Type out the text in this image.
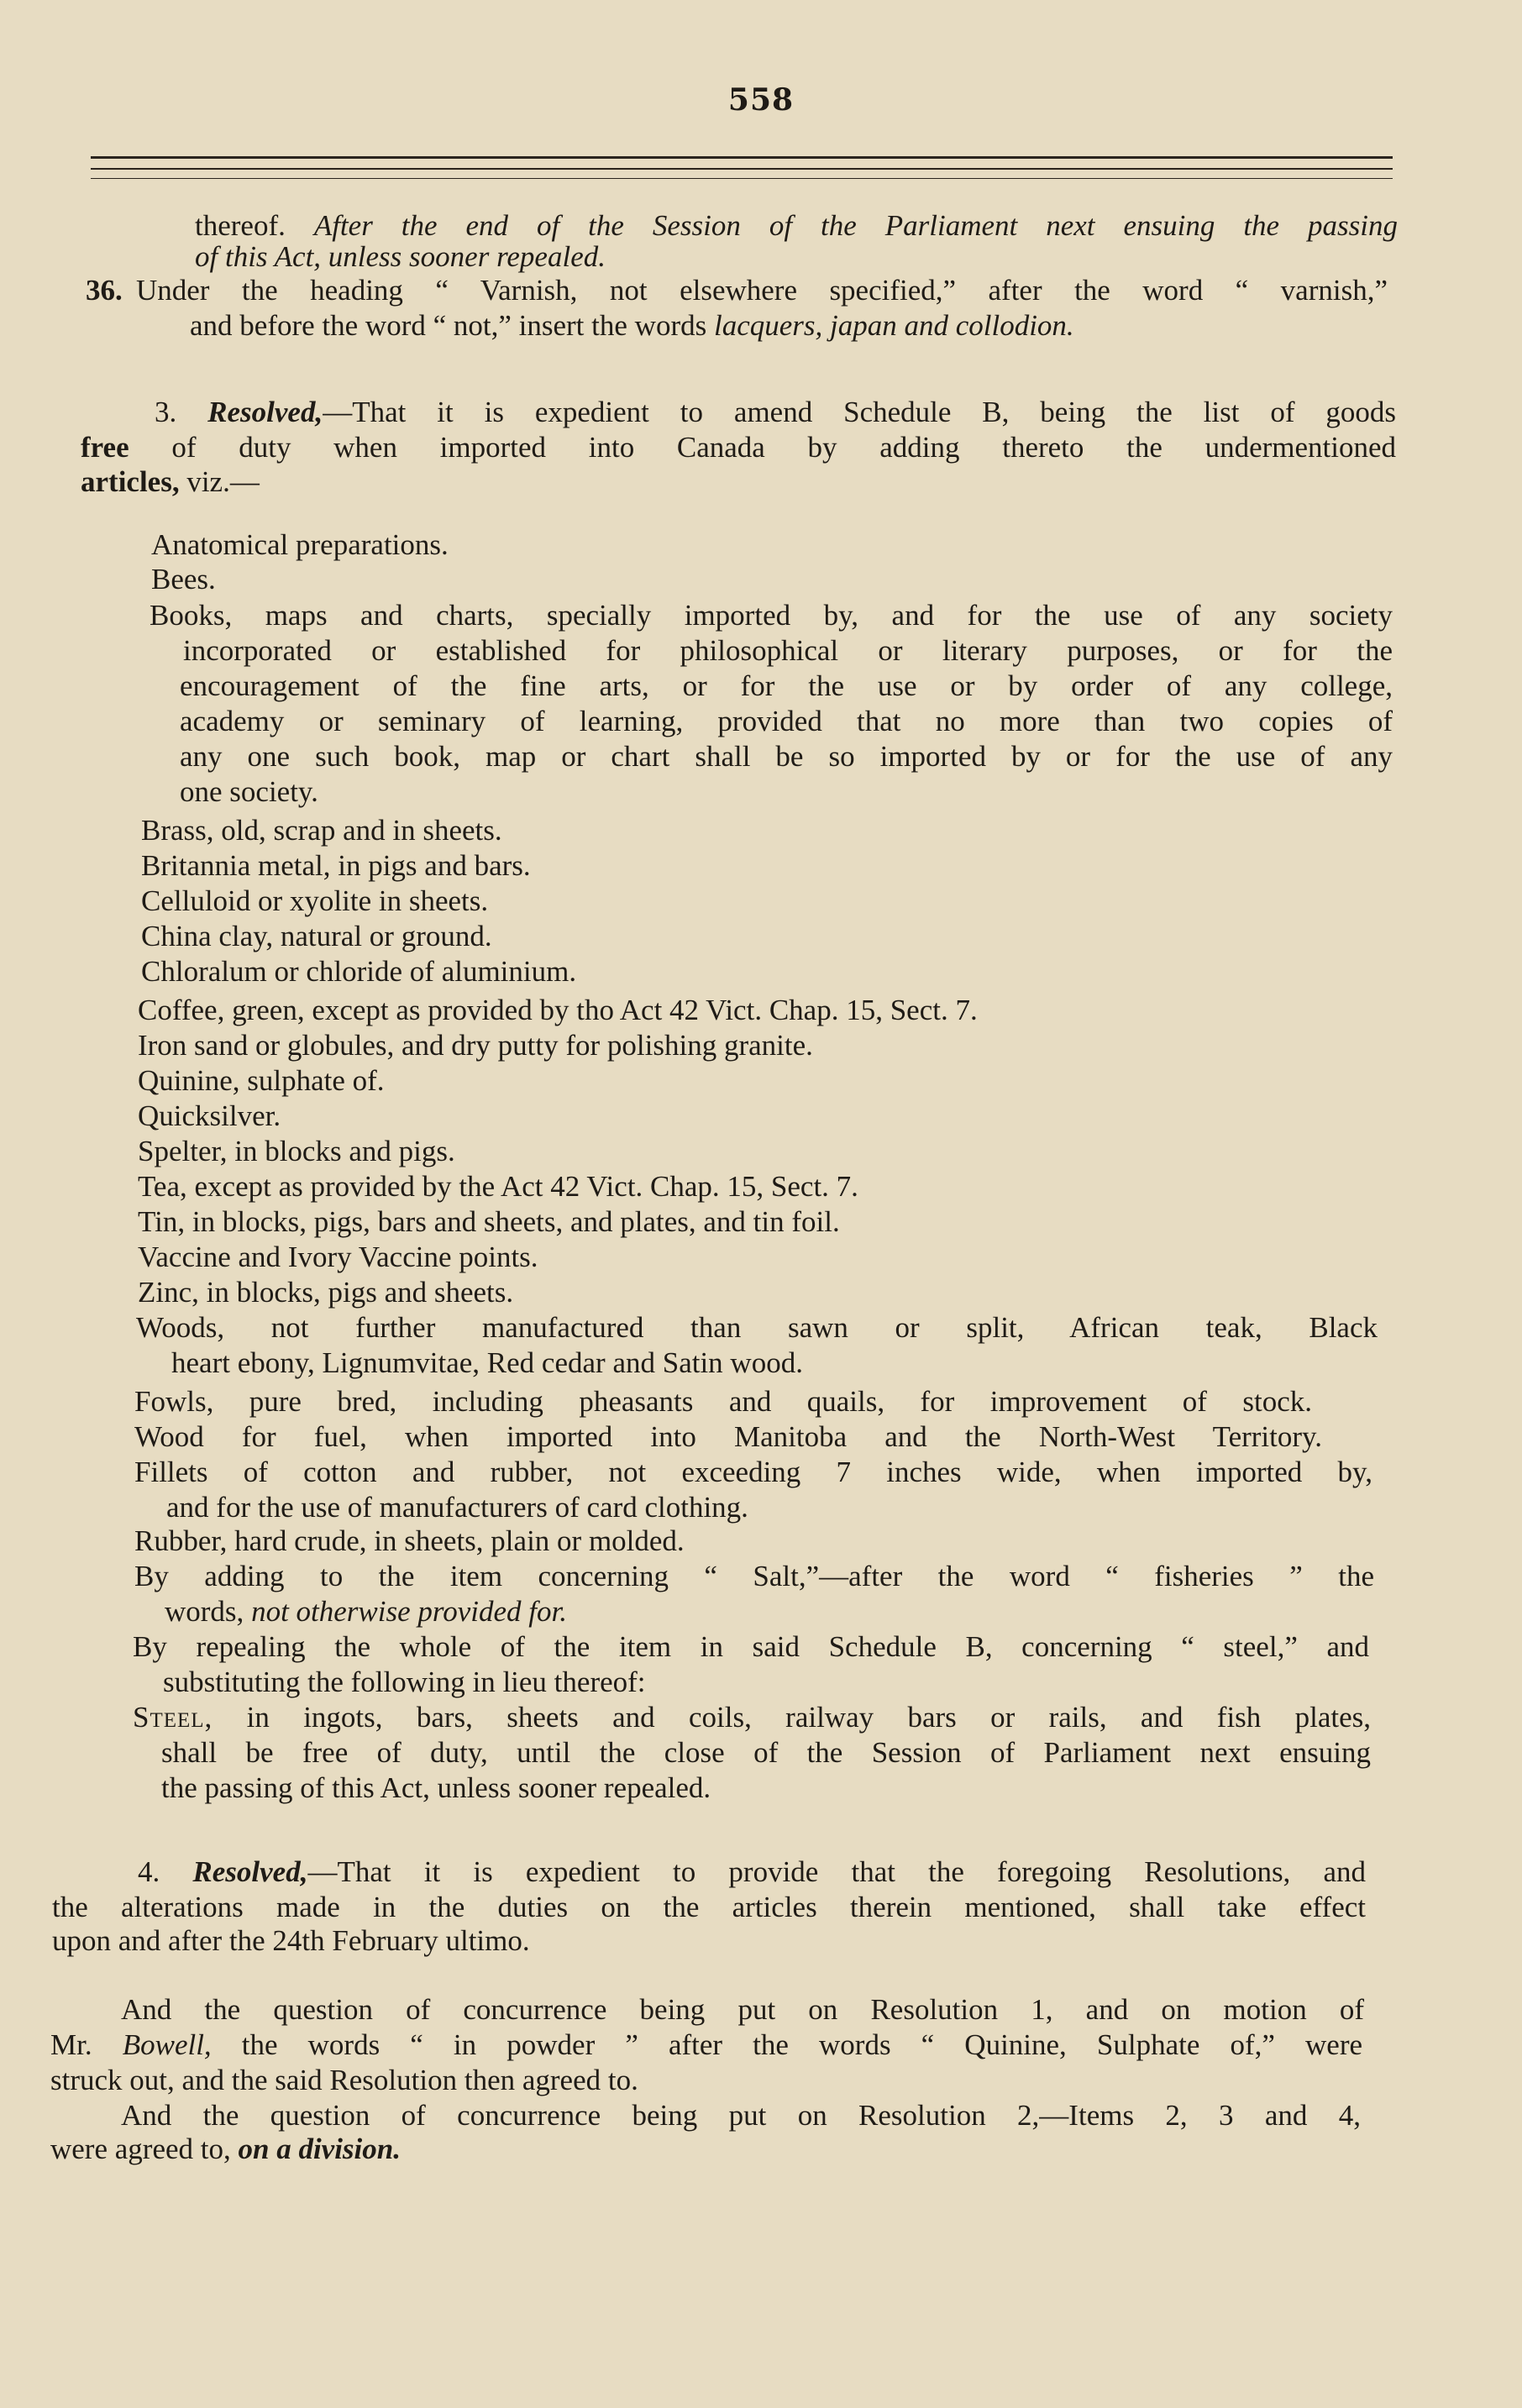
558
thereof. After the end of the Session of the Parliament next ensuing the passing
of this Act, unless sooner repealed.
36. Under the heading “ Varnish, not elsewhere specified,” after the word “ varnish,”
and before the word “ not,” insert the words lacquers, japan and collodion.
3. Resolved,—That it is expedient to amend Schedule B, being the list of goods
free of duty when imported into Canada by adding thereto the undermentioned
articles, viz.—
Anatomical preparations.
Bees.
Books, maps and charts, specially imported by, and for the use of any society
incorporated or established for philosophical or literary purposes, or for the
encouragement of the fine arts, or for the use or by order of any college,
academy or seminary of learning, provided that no more than two copies of
any one such book, map or chart shall be so imported by or for the use of any
one society.
Brass, old, scrap and in sheets.
Britannia metal, in pigs and bars.
Celluloid or xyolite in sheets.
China clay, natural or ground.
Chloralum or chloride of aluminium.
Coffee, green, except as provided by tho Act 42 Vict. Chap. 15, Sect. 7.
Iron sand or globules, and dry putty for polishing granite.
Quinine, sulphate of.
Quicksilver.
Spelter, in blocks and pigs.
Tea, except as provided by the Act 42 Vict. Chap. 15, Sect. 7.
Tin, in blocks, pigs, bars and sheets, and plates, and tin foil.
Vaccine and Ivory Vaccine points.
Zinc, in blocks, pigs and sheets.
Woods, not further manufactured than sawn or split, African teak, Black
heart ebony, Lignumvitae, Red cedar and Satin wood.
Fowls, pure bred, including pheasants and quails, for improvement of stock.
Wood for fuel, when imported into Manitoba and the North-West Territory.
Fillets of cotton and rubber, not exceeding 7 inches wide, when imported by,
and for the use of manufacturers of card clothing.
Rubber, hard crude, in sheets, plain or molded.
By adding to the item concerning “ Salt,”—after the word “ fisheries ” the
words, not otherwise provided for.
By repealing the whole of the item in said Schedule B, concerning “ steel,” and
substituting the following in lieu thereof:
Steel, in ingots, bars, sheets and coils, railway bars or rails, and fish plates,
shall be free of duty, until the close of the Session of Parliament next ensuing
the passing of this Act, unless sooner repealed.
4. Resolved,—That it is expedient to provide that the foregoing Resolutions, and
the alterations made in the duties on the articles therein mentioned, shall take effect
upon and after the 24th February ultimo.
And the question of concurrence being put on Resolution 1, and on motion of
Mr. Bowell, the words “ in powder ” after the words “ Quinine, Sulphate of,” were
struck out, and the said Resolution then agreed to.
And the question of concurrence being put on Resolution 2,—Items 2, 3 and 4,
were agreed to, on a division.
